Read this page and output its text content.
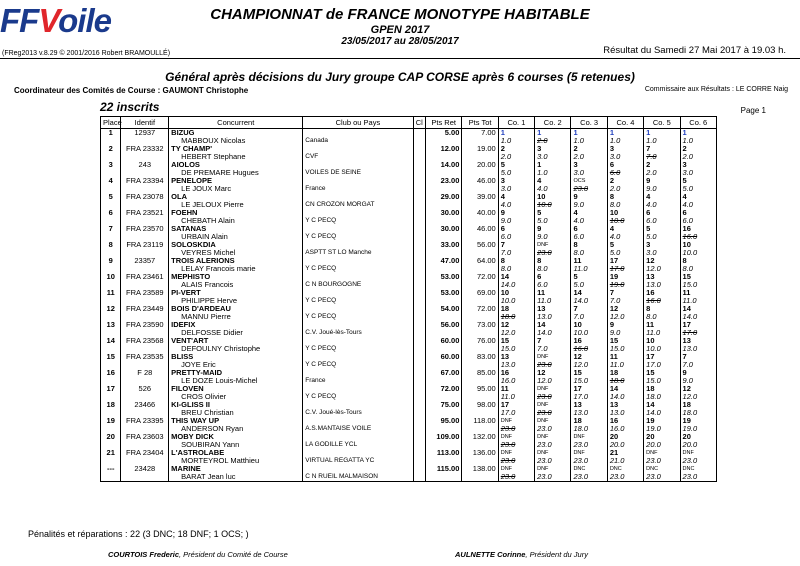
FFVoile
(FReg2013 v.8.29 © 2001/2016 Robert BRAMOULLÉ)
CHAMPIONNAT de FRANCE MONOTYPE HABITABLE
GPEN 2017
23/05/2017 au 28/05/2017
Résultat du Samedi 27 Mai 2017 à 19.03 h.
Général après décisions du Jury groupe CAP CORSE après 6 courses (5 retenues)
Coordinateur des Comités de Course : GAUMONT Christophe	Commissaire aux Résultats : LE CORRE Naig
22 inscrits	Page 1
Place	Identif	Concurrent	Club ou Pays	Cl	Pts Ret	Pts Tot	Co. 1	Co. 2	Co. 3	Co. 4	Co. 5	Co. 6
1	12937	BIZUG			5.00	7.00	1	1	1	1	1	1
		MABBOUX Nicolas	Canada				1.0	2.0	1.0	1.0	1.0	1.0
2	FRA 23332	TY CHAMP'			12.00	19.00	2	3	2	3	7	2
		HEBERT Stephane	CVF				2.0	3.0	2.0	3.0	7.0	2.0
3	243	AIOLOS			14.00	20.00	5	1	3	6	2	3
		DE PREMARE Hugues	VOILES DE SEINE				5.0	1.0	3.0	6.0	2.0	3.0
4	FRA 23394	PENELOPE			23.00	46.00	3	4	OCS	2	9	5
		LE JOUX Marc	France				3.0	4.0	23.0	2.0	9.0	5.0
5	FRA 23078	OLA			29.00	39.00	4	10	9	8	4	4
		LE JELOUX Pierre	CN CROZON MORGAT				4.0	10.0	9.0	8.0	4.0	4.0
6	FRA 23521	FOEHN			30.00	40.00	9	5	4	10	6	6
		CHEBATH Alain	Y C PECQ				9.0	5.0	4.0	10.0	6.0	6.0
7	FRA 23570	SATANAS			30.00	46.00	6	9	6	4	5	16
		URBAIN Alain	Y C PECQ				6.0	9.0	6.0	4.0	5.0	16.0
8	FRA 23119	SOLOSKDIA			33.00	56.00	7	DNF	8	5	3	10
		VEYRES Michel	ASPTT ST LO Manche				7.0	23.0	8.0	5.0	3.0	10.0
9	23357	TROIS ALERIONS			47.00	64.00	8	8	11	17	12	8
		LELAY Francois marie	Y C PECQ				8.0	8.0	11.0	17.0	12.0	8.0
10	FRA 23461	MEPHISTO			53.00	72.00	14	6	5	19	13	15
		ALAIS Francois	C N BOURGOGNE				14.0	6.0	5.0	19.0	13.0	15.0
11	FRA 23589	PI-VERT			53.00	69.00	10	11	14	7	16	11
		PHILIPPE Herve	Y C PECQ				10.0	11.0	14.0	7.0	16.0	11.0
12	FRA 23449	BOIS D'ARDEAU			54.00	72.00	18	13	7	12	8	14
		MANNU Pierre	Y C PECQ				18.0	13.0	7.0	12.0	8.0	14.0
13	FRA 23590	IDEFIX			56.00	73.00	12	14	10	9	11	17
		DELFOSSE Didier	C.V. Joué-lès-Tours				12.0	14.0	10.0	9.0	11.0	17.0
14	FRA 23568	VENT'ART			60.00	76.00	15	7	16	15	10	13
		DEFOULNY Christophe	Y C PECQ				15.0	7.0	16.0	15.0	10.0	13.0
15	FRA 23535	BLISS			60.00	83.00	13	DNF	12	11	17	7
		JOYE Eric	Y C PECQ				13.0	23.0	12.0	11.0	17.0	7.0
16	F 28	PRETTY-MAID			67.00	85.00	16	12	15	18	15	9
		LE DOZE Louis-Michel	France				16.0	12.0	15.0	18.0	15.0	9.0
17	526	FILOVEN			72.00	95.00	11	DNF	17	14	18	12
		CROS Olivier	Y C PECQ				11.0	23.0	17.0	14.0	18.0	12.0
18	23466	KI-GLISS II			75.00	98.00	17	DNF	13	13	14	18
		BREU Christian	C.V. Joué-lès-Tours				17.0	23.0	13.0	13.0	14.0	18.0
19	FRA 23395	THIS WAY UP			95.00	118.00	DNF	DNF	18	16	19	19
		ANDERSON Ryan	A.S.MANTAISE VOILE				23.0	23.0	18.0	16.0	19.0	19.0
20	FRA 23603	MOBY DICK			109.00	132.00	DNF	DNF	DNF	20	20	20
		SOUBIRAN Yann	LA GODILLE YCL				23.0	23.0	23.0	20.0	20.0	20.0
21	FRA 23404	L'ASTROLABE			113.00	136.00	DNF	DNF	DNF	21	DNF	DNF
		MORTEYROL Matthieu	VIRTUAL REGATTA YC				23.0	23.0	23.0	21.0	23.0	23.0
---	23428	MARINE			115.00	138.00	DNF	DNF	DNC	DNC	DNC	DNC
		BARAT Jean luc	C N RUEIL MALMAISON				23.0	23.0	23.0	23.0	23.0	23.0
Pénalités et réparations : 22 (3 DNC; 18 DNF; 1 OCS; )
COURTOIS Frederic, Président du Comité de Course	AULNETTE Corinne, Président du Jury
